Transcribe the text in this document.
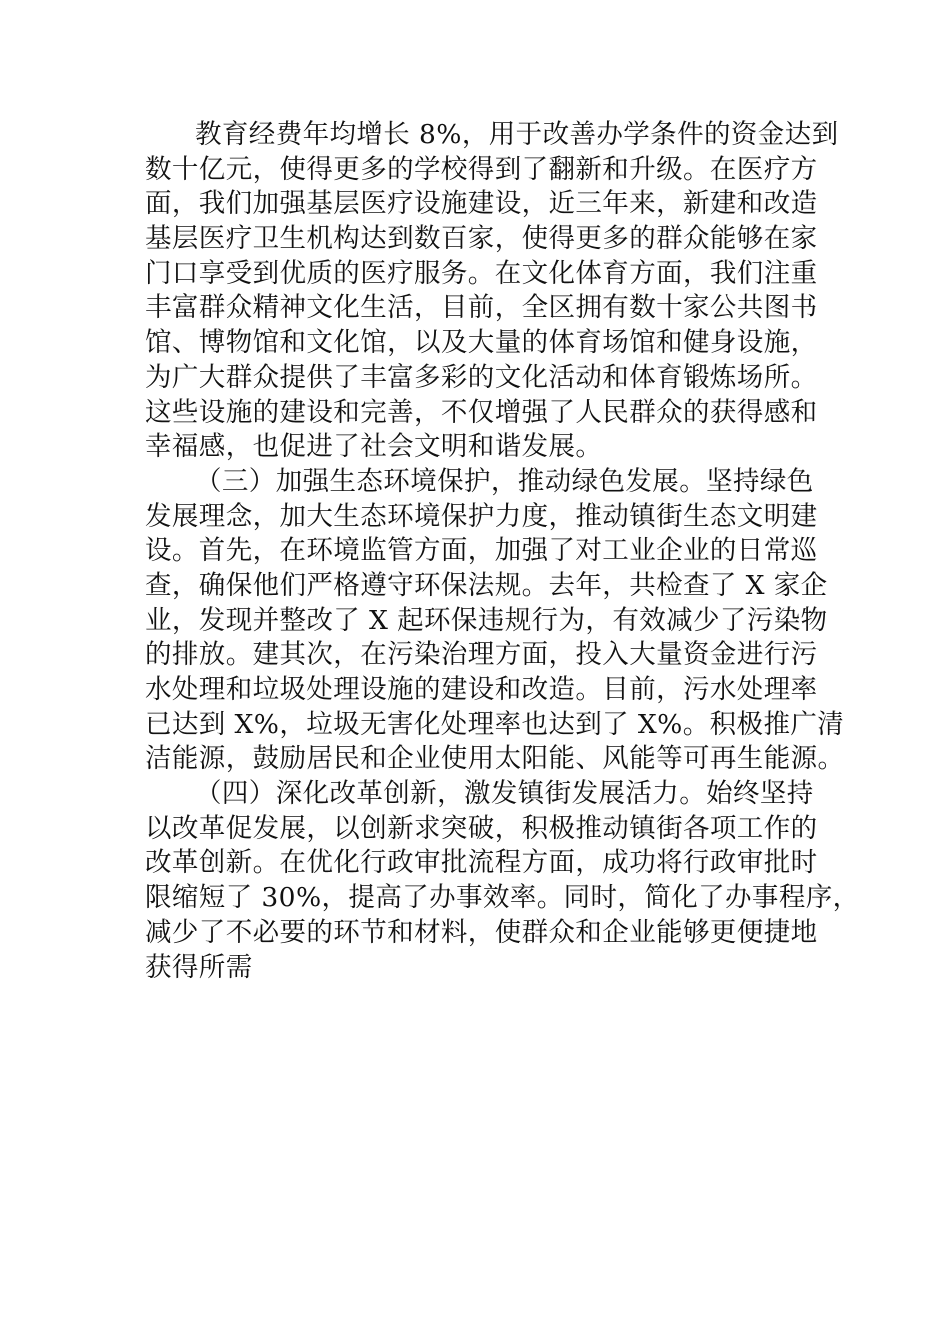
教育经费年均增长 8%，用于改善办学条件的资金达到
数十亿元，使得更多的学校得到了翻新和升级。在医疗方
面，我们加强基层医疗设施建设，近三年来，新建和改造
基层医疗卫生机构达到数百家，使得更多的群众能够在家
门口享受到优质的医疗服务。在文化体育方面，我们注重
丰富群众精神文化生活，目前，全区拥有数十家公共图书
馆、博物馆和文化馆，以及大量的体育场馆和健身设施，
为广大群众提供了丰富多彩的文化活动和体育锻炼场所。
这些设施的建设和完善，不仅增强了人民群众的获得感和
幸福感，也促进了社会文明和谐发展。
（三）加强生态环境保护，推动绿色发展。坚持绿色
发展理念，加大生态环境保护力度，推动镇街生态文明建
设。首先，在环境监管方面，加强了对工业企业的日常巡
查，确保他们严格遵守环保法规。去年，共检查了 X 家企
业，发现并整改了 X 起环保违规行为，有效减少了污染物
的排放。建其次，在污染治理方面，投入大量资金进行污
水处理和垃圾处理设施的建设和改造。目前，污水处理率
已达到 X%，垃圾无害化处理率也达到了 X%。积极推广清
洁能源，鼓励居民和企业使用太阳能、风能等可再生能源。
（四）深化改革创新，激发镇街发展活力。始终坚持
以改革促发展，以创新求突破，积极推动镇街各项工作的
改革创新。在优化行政审批流程方面，成功将行政审批时
限缩短了 30%，提高了办事效率。同时，简化了办事程序，
减少了不必要的环节和材料，使群众和企业能够更便捷地
获得所需
